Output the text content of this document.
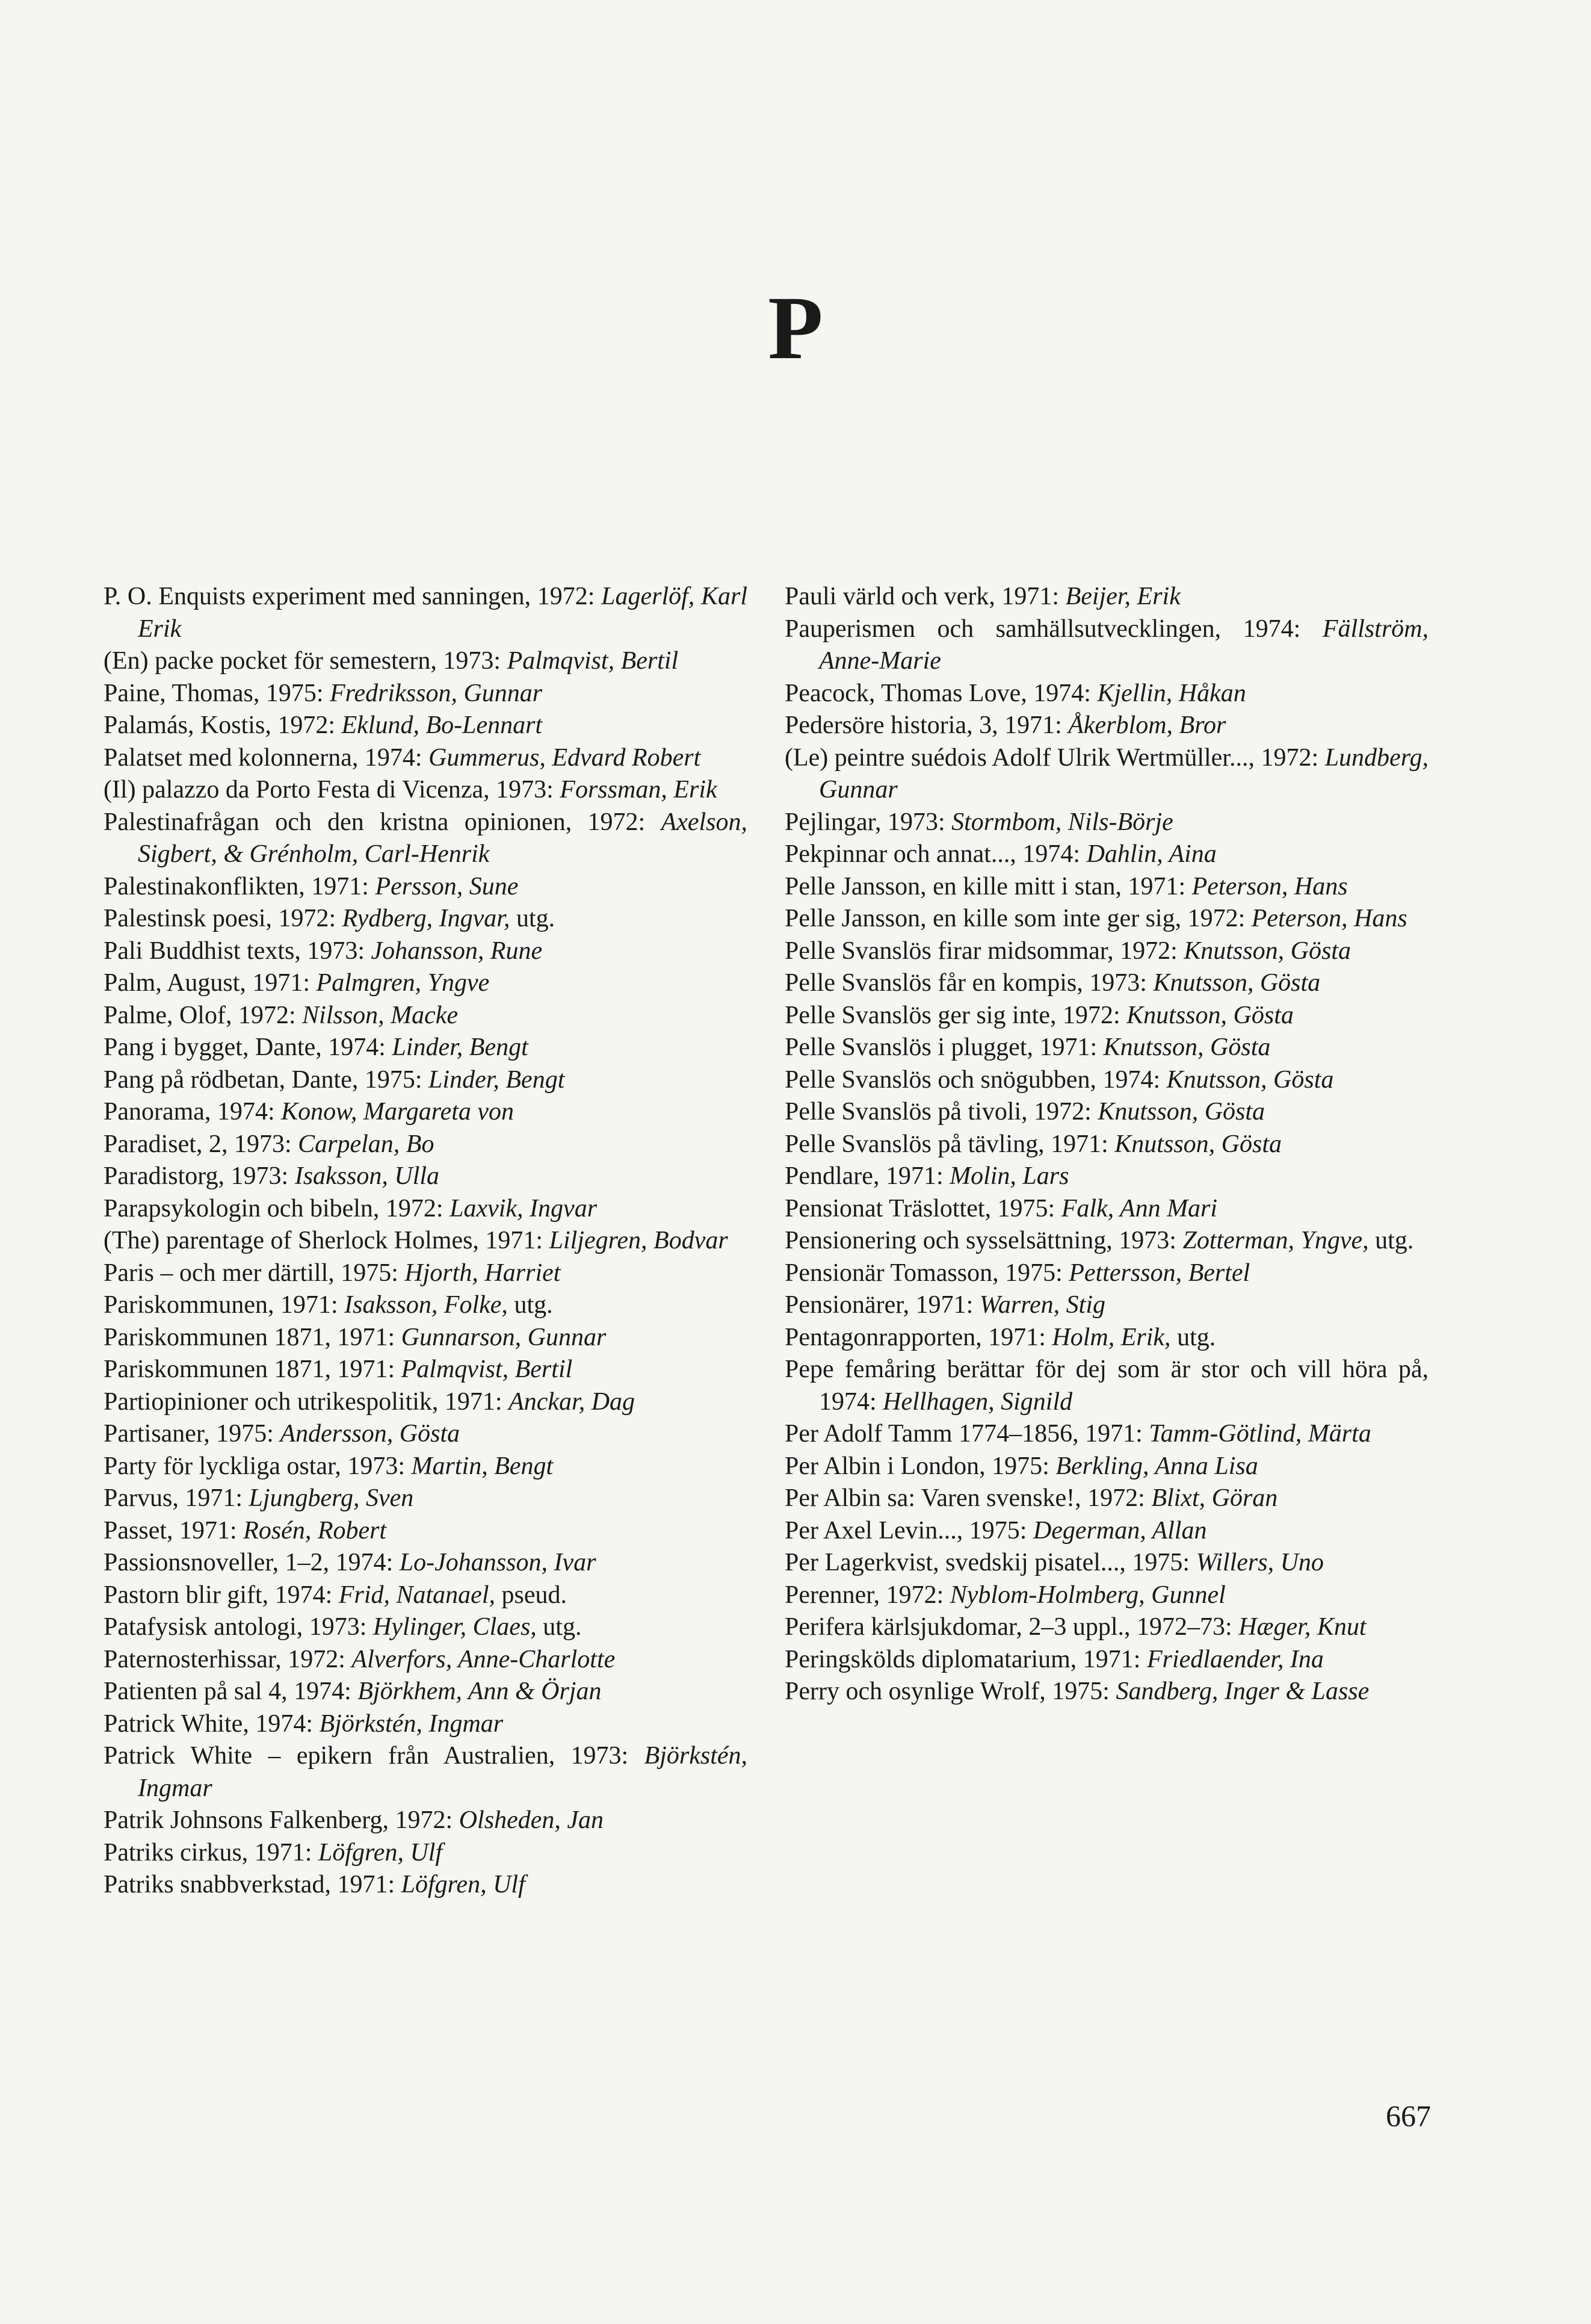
P

P. O. Enquists experiment med sanningen, 1972: Lagerlöf, Karl Erik

(En) packe pocket för semestern, 1973: Palmqvist, Bertil

Paine, Thomas, 1975: Fredriksson, Gunnar

Palamás, Kostis, 1972: Eklund, Bo-Lennart

Palatset med kolonnerna, 1974: Gummerus, Edvard Robert

(Il) palazzo da Porto Festa di Vicenza, 1973: Forssman, Erik

Palestinafrågan och den kristna opinionen, 1972: Axelson, Sigbert, & Grénholm, Carl-Henrik

Palestinakonflikten, 1971: Persson, Sune

Palestinsk poesi, 1972: Rydberg, Ingvar, utg.

Pali Buddhist texts, 1973: Johansson, Rune

Palm, August, 1971: Palmgren, Yngve

Palme, Olof, 1972: Nilsson, Macke

Pang i bygget, Dante, 1974: Linder, Bengt

Pang på rödbetan, Dante, 1975: Linder, Bengt

Panorama, 1974: Konow, Margareta von

Paradiset, 2, 1973: Carpelan, Bo

Paradistorg, 1973: Isaksson, Ulla

Parapsykologin och bibeln, 1972: Laxvik, Ingvar

(The) parentage of Sherlock Holmes, 1971: Liljegren, Bodvar

Paris – och mer därtill, 1975: Hjorth, Harriet

Pariskommunen, 1971: Isaksson, Folke, utg.

Pariskommunen 1871, 1971: Gunnarson, Gunnar

Pariskommunen 1871, 1971: Palmqvist, Bertil

Partiopinioner och utrikespolitik, 1971: Anckar, Dag

Partisaner, 1975: Andersson, Gösta

Party för lyckliga ostar, 1973: Martin, Bengt

Parvus, 1971: Ljungberg, Sven

Passet, 1971: Rosén, Robert

Passionsnoveller, 1–2, 1974: Lo-Johansson, Ivar

Pastorn blir gift, 1974: Frid, Natanael, pseud.

Patafysisk antologi, 1973: Hylinger, Claes, utg.

Paternosterhissar, 1972: Alverfors, Anne-Charlotte

Patienten på sal 4, 1974: Björkhem, Ann & Örjan

Patrick White, 1974: Björkstén, Ingmar

Patrick White – epikern från Australien, 1973: Björkstén, Ingmar

Patrik Johnsons Falkenberg, 1972: Olsheden, Jan

Patriks cirkus, 1971: Löfgren, Ulf

Patriks snabbverkstad, 1971: Löfgren, Ulf

Pauli värld och verk, 1971: Beijer, Erik

Pauperismen och samhällsutvecklingen, 1974: Fällström, Anne-Marie

Peacock, Thomas Love, 1974: Kjellin, Håkan

Pedersöre historia, 3, 1971: Åkerblom, Bror

(Le) peintre suédois Adolf Ulrik Wertmüller..., 1972: Lundberg, Gunnar

Pejlingar, 1973: Stormbom, Nils-Börje

Pekpinnar och annat..., 1974: Dahlin, Aina

Pelle Jansson, en kille mitt i stan, 1971: Peterson, Hans

Pelle Jansson, en kille som inte ger sig, 1972: Peterson, Hans

Pelle Svanslös firar midsommar, 1972: Knutsson, Gösta

Pelle Svanslös får en kompis, 1973: Knutsson, Gösta

Pelle Svanslös ger sig inte, 1972: Knutsson, Gösta

Pelle Svanslös i plugget, 1971: Knutsson, Gösta

Pelle Svanslös och snögubben, 1974: Knutsson, Gösta

Pelle Svanslös på tivoli, 1972: Knutsson, Gösta

Pelle Svanslös på tävling, 1971: Knutsson, Gösta

Pendlare, 1971: Molin, Lars

Pensionat Träslottet, 1975: Falk, Ann Mari

Pensionering och sysselsättning, 1973: Zotterman, Yngve, utg.

Pensionär Tomasson, 1975: Pettersson, Bertel

Pensionärer, 1971: Warren, Stig

Pentagonrapporten, 1971: Holm, Erik, utg.

Pepe femåring berättar för dej som är stor och vill höra på, 1974: Hellhagen, Signild

Per Adolf Tamm 1774–1856, 1971: Tamm-Götlind, Märta

Per Albin i London, 1975: Berkling, Anna Lisa

Per Albin sa: Varen svenske!, 1972: Blixt, Göran

Per Axel Levin..., 1975: Degerman, Allan

Per Lagerkvist, svedskij pisatel..., 1975: Willers, Uno

Perenner, 1972: Nyblom-Holmberg, Gunnel

Perifera kärlsjukdomar, 2–3 uppl., 1972–73: Hæger, Knut

Peringskölds diplomatarium, 1971: Friedlaender, Ina

Perry och osynlige Wrolf, 1975: Sandberg, Inger & Lasse

667
